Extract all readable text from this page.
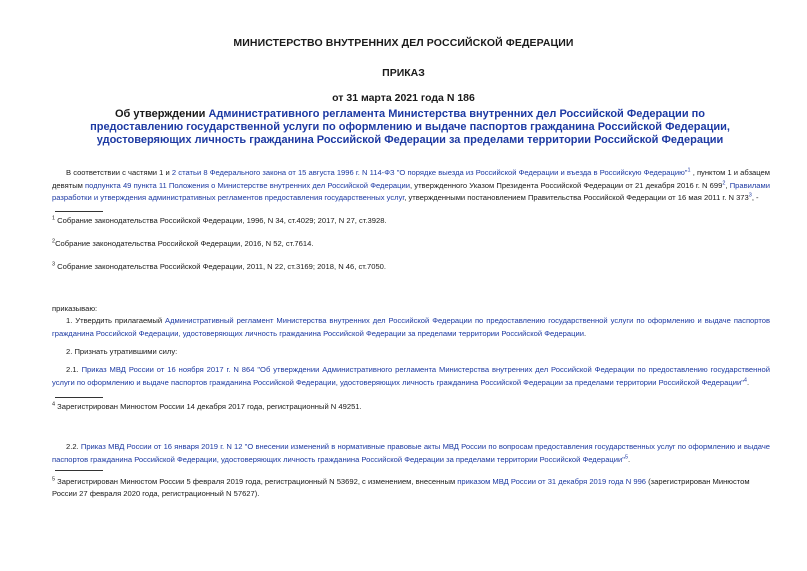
МИНИСТЕРСТВО ВНУТРЕННИХ ДЕЛ РОССИЙСКОЙ ФЕДЕРАЦИИ
ПРИКАЗ
от 31 марта 2021 года N 186
Об утверждении Административного регламента Министерства внутренних дел Российской Федерации по предоставлению государственной услуги по оформлению и выдаче паспортов гражданина Российской Федерации, удостоверяющих личность гражданина Российской Федерации за пределами территории Российской Федерации
В соответствии с частями 1 и 2 статьи 8 Федерального закона от 15 августа 1996 г. N 114-ФЗ "О порядке выезда из Российской Федерации и въезда в Российскую Федерацию"$^1$ , пунктом 1 и абзацем девятым подпункта 49 пункта 11 Положения о Министерстве внутренних дел Российской Федерации, утвержденного Указом Президента Российской Федерации от 21 декабря 2016 г. N $699^2$, Правилами разработки и утверждения административных регламентов предоставления государственных услуг, утвержденными постановлением Правительства Российской Федерации от 16 мая 2011 г. N $373^3$, -
$^1$ Собрание законодательства Российской Федерации, 1996, N 34, ст.4029; 2017, N 27, ст.3928.
$^2$Собрание законодательства Российской Федерации, 2016, N 52, ст.7614.
$^3$ Собрание законодательства Российской Федерации, 2011, N 22, ст.3169; 2018, N 46, ст.7050.
приказываю:
1. Утвердить прилагаемый Административный регламент Министерства внутренних дел Российской Федерации по предоставлению государственной услуги по оформлению и выдаче паспортов гражданина Российской Федерации, удостоверяющих личность гражданина Российской Федерации за пределами территории Российской Федерации.
2. Признать утратившими силу:
2.1. Приказ МВД России от 16 ноября 2017 г. N 864 "Об утверждении Административного регламента Министерства внутренних дел Российской Федерации по предоставлению государственной услуги по оформлению и выдаче паспортов гражданина Российской Федерации, удостоверяющих личность гражданина Российской Федерации за пределами территории Российской Федерации"$^4$.
$^4$ Зарегистрирован Минюстом России 14 декабря 2017 года, регистрационный N 49251.
2.2. Приказ МВД России от 16 января 2019 г. N 12 "О внесении изменений в нормативные правовые акты МВД России по вопросам предоставления государственных услуг по оформлению и выдаче паспортов гражданина Российской Федерации, удостоверяющих личность гражданина Российской Федерации за пределами территории Российской Федерации"$^5$.
$^5$ Зарегистрирован Минюстом России 5 февраля 2019 года, регистрационный N 53692, с изменением, внесенным приказом МВД России от 31 декабря 2019 года N 996 (зарегистрирован Минюстом России 27 февраля 2020 года, регистрационный N 57627).
